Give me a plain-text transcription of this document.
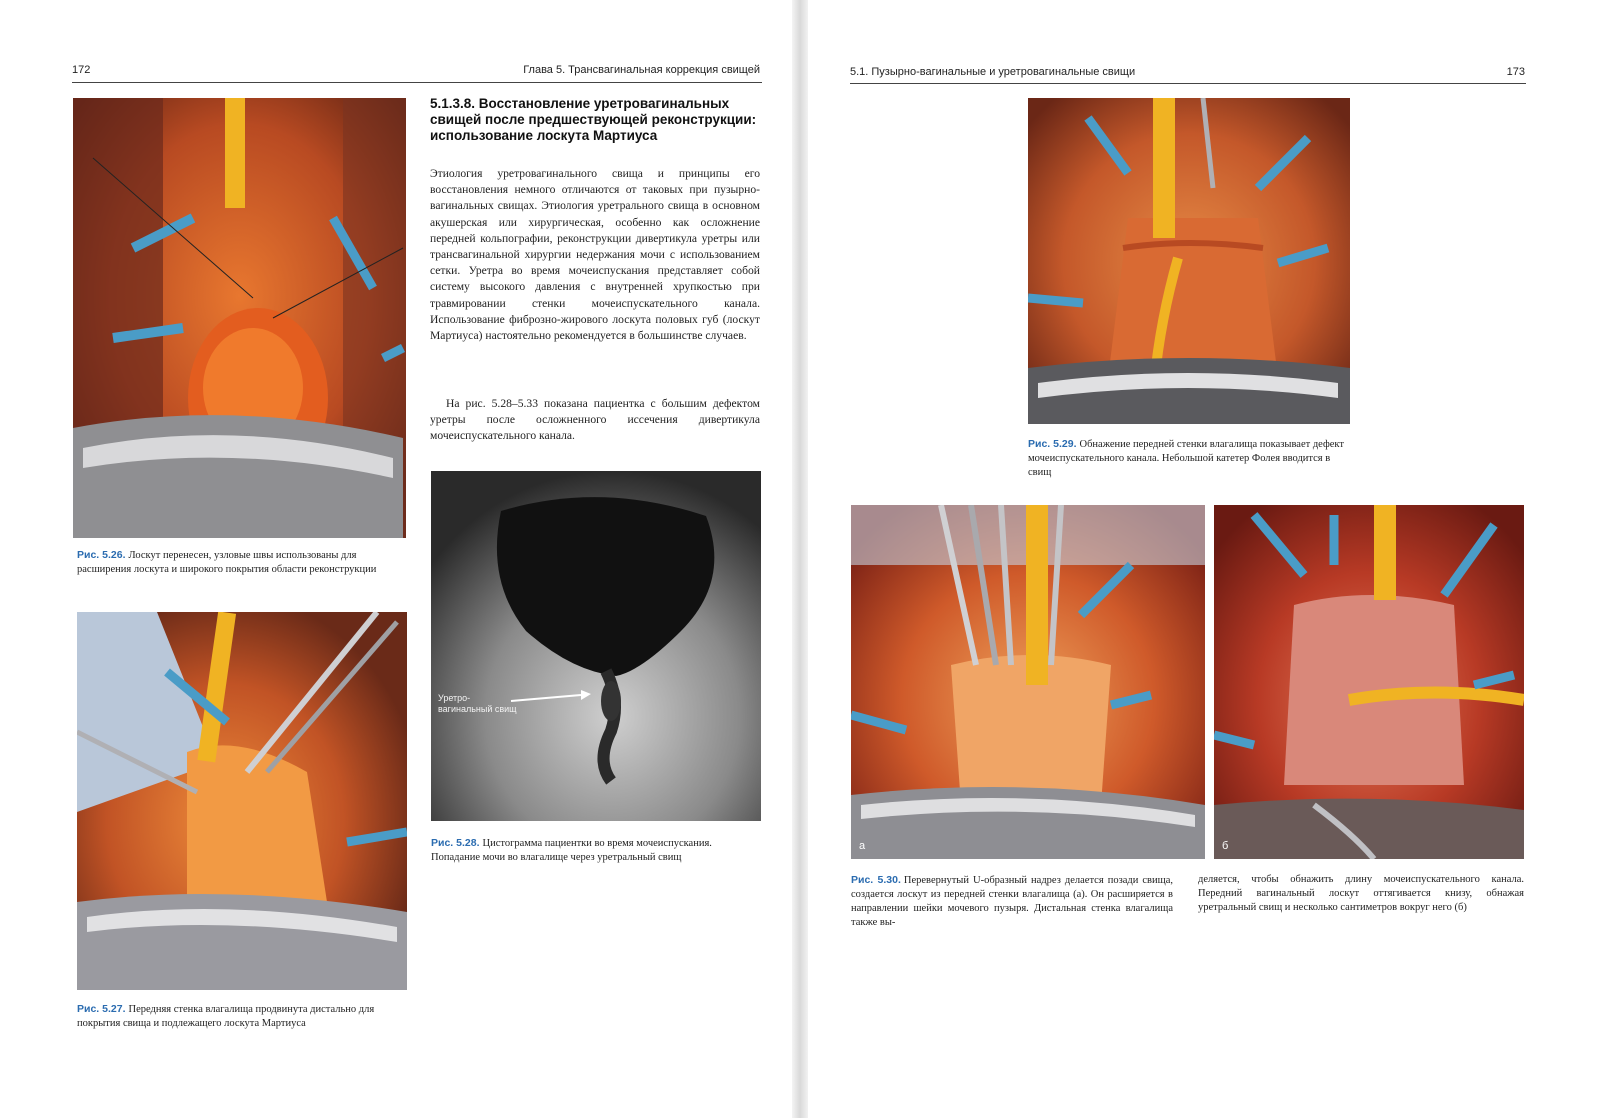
172	Глава 5. Трансвагинальная коррекция свищей	5.1. Пузырно-вагинальные и уретровагинальные свищи	173
Рис. 5.26. Лоскут перенесен, узловые швы использованы для расширения лоскута и широкого покрытия области реконструкции
Рис. 5.27. Передняя стенка влагалища продвинута дистально для покрытия свища и подлежащего лоскута Мартиуса
5.1.3.8. Восстановление уретровагинальных свищей после предшествующей реконструкции: использование лоскута Мартиуса

Этиология уретровагинального свища и принципы его восстановления немного отличаются от таковых при пузырно-вагинальных свищах. Этиология уретрального свища в основном акушерская или хирургическая, особенно как осложнение передней кольпографии, реконструкции дивертикула уретры или трансвагинальной хирургии недержания мочи с использованием сетки. Уретра во время мочеиспускания представляет собой систему высокого давления с внутренней хрупкостью при травмировании стенки мочеиспускательного канала. Использование фиброзно-жирового лоскута половых губ (лоскут Мартиуса) настоятельно рекомендуется в большинстве случаев.

На рис. 5.28–5.33 показана пациентка с большим дефектом уретры после осложненного иссечения дивертикула мочеиспускательного канала.

Уретро-вагинальный свищ
Рис. 5.28. Цистограмма пациентки во время мочеиспускания. Попадание мочи во влагалище через уретральный свищ
Рис. 5.29. Обнажение передней стенки влагалища показывает дефект мочеиспускательного канала. Небольшой катетер Фолея вводится в свищ
а	б
Рис. 5.30. Перевернутый U-образный надрез делается позади свища, создается лоскут из передней стенки влагалища (а). Он расширяется в направлении шейки мочевого пузыря. Дистальная стенка влагалища также вы-
деляется, чтобы обнажить длину мочеиспускательного канала. Передний вагинальный лоскут оттягивается книзу, обнажая уретральный свищ и несколько сантиметров вокруг него (б)
